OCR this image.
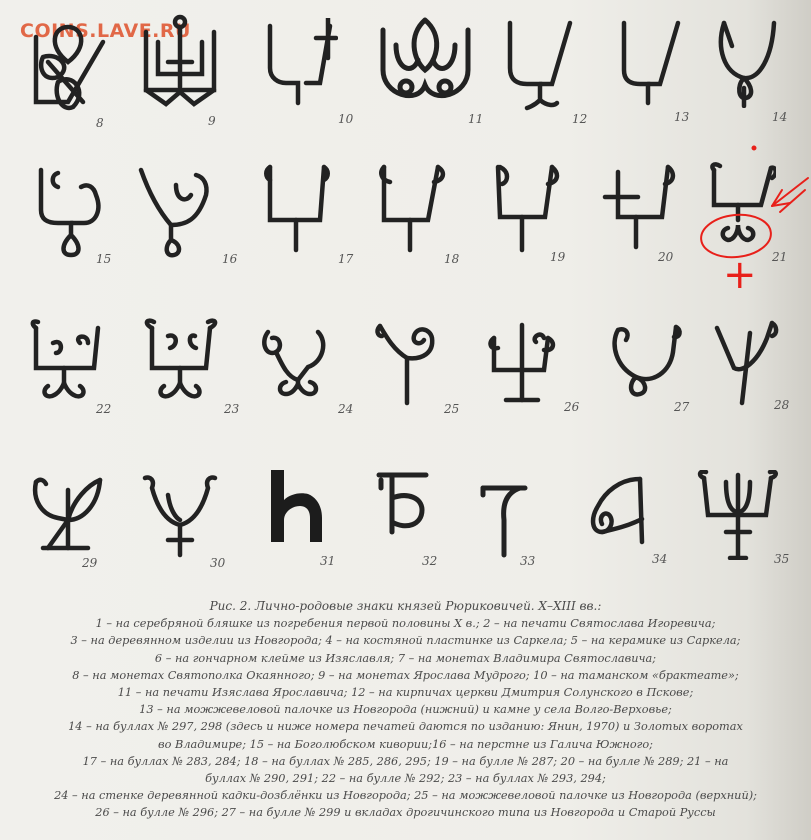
COINS.LAVE.RU
8	9	10	11	12	13	14
15	16	17	18	19	20	21
22	23	24	25	26	27	28
29	30	31	32	33	34	35
Рис. 2. Лично-родовые знаки князей Рюриковичей. X–XIII вв.:
1 – на серебряной бляшке из погребения первой половины X в.; 2 – на печати Святослава Игоревича;
3 – на деревянном изделии из Новгорода; 4 – на костяной пластинке из Саркела; 5 – на керамике из Саркела;
6 – на гончарном клейме из Изяславля; 7 – на монетах Владимира Святославича;
8 – на монетах Святополка Окаянного; 9 – на монетах Ярослава Мудрого; 10 – на таманском «брактеате»;
11 – на печати Изяслава Ярославича; 12 – на кирпичах церкви Дмитрия Солунского в Пскове;
13 – на можжевеловой палочке из Новгорода (нижний) и камне у села Волго-Верховье;
14 – на буллах № 297, 298 (здесь и ниже номера печатей даются по изданию: Янин, 1970) и Золотых воротах
во Владимире; 15 – на Боголюбском кивории;16 – на перстне из Галича Южного;
17 – на буллах № 283, 284; 18 – на буллах № 285, 286, 295; 19 – на булле № 287; 20 – на булле № 289; 21 – на
буллах № 290, 291; 22 – на булле № 292; 23 – на буллах № 293, 294;
24 – на стенке деревянной кадки-дозблёнки из Новгорода; 25 – на можжевеловой палочке из Новгорода (верхний);
26 – на булле № 296; 27 – на булле № 299 и вкладах дрогичинского типа из Новгорода и Старой Руссы
+
